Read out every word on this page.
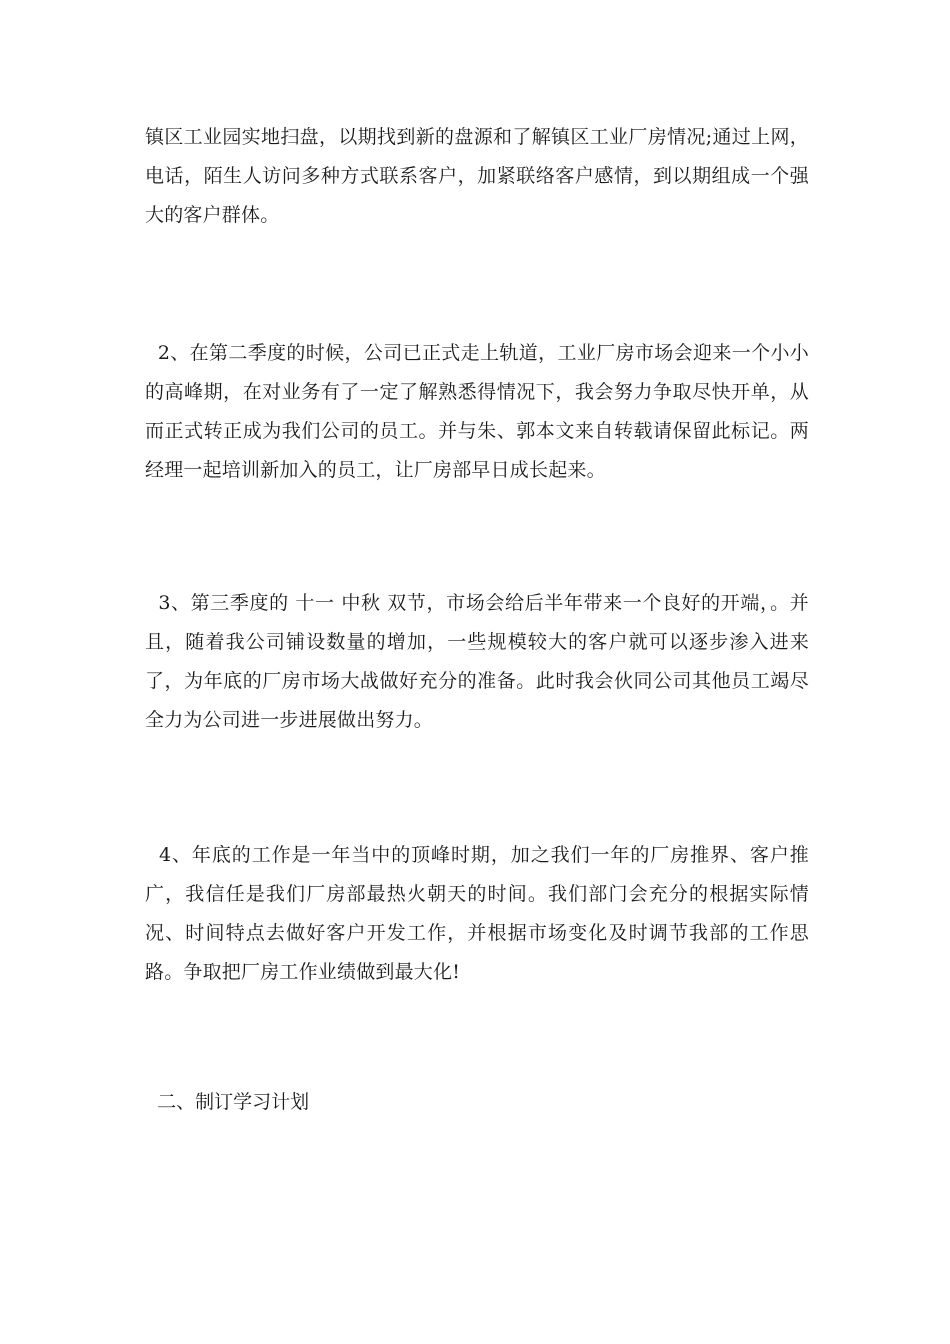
镇区工业园实地扫盘，以期找到新的盘源和了解镇区工业厂房情况;通过上网，电话，陌生人访问多种方式联系客户，加紧联络客户感情，到以期组成一个强大的客户群体。

2、在第二季度的时候，公司已正式走上轨道，工业厂房市场会迎来一个小小的高峰期，在对业务有了一定了解熟悉得情况下，我会努力争取尽快开单，从而正式转正成为我们公司的员工。并与朱、郭本文来自转载请保留此标记。两经理一起培训新加入的员工，让厂房部早日成长起来。

3、第三季度的 十一 中秋 双节，市场会给后半年带来一个良好的开端，。并且，随着我公司铺设数量的增加，一些规模较大的客户就可以逐步渗入进来了，为年底的厂房市场大战做好充分的准备。此时我会伙同公司其他员工竭尽全力为公司进一步进展做出努力。

4、年底的工作是一年当中的顶峰时期，加之我们一年的厂房推界、客户推广，我信任是我们厂房部最热火朝天的时间。我们部门会充分的根据实际情况、时间特点去做好客户开发工作，并根据市场变化及时调节我部的工作思路。争取把厂房工作业绩做到最大化!

二、制订学习计划
